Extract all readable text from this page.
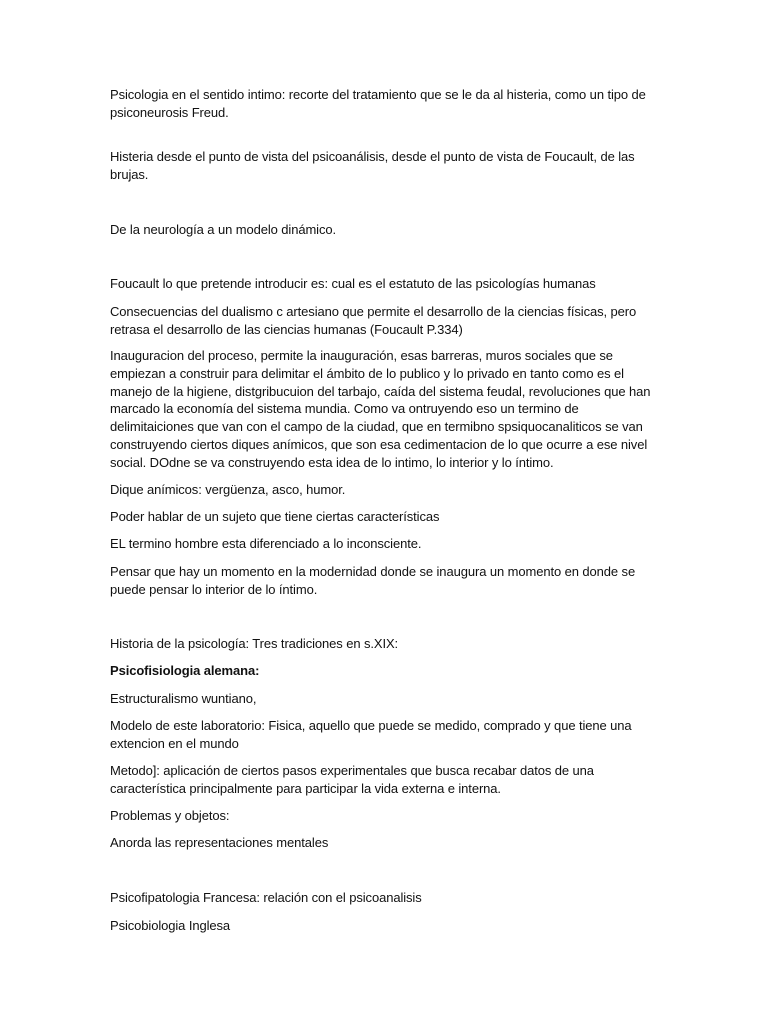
Psicologia en el sentido intimo: recorte del tratamiento que se le da al histeria, como un tipo de psiconeurosis Freud.

Histeria desde el punto de vista del psicoanálisis, desde el punto de vista de Foucault, de las brujas.

De la neurología a un modelo dinámico.

Foucault lo que pretende introducir es: cual es el estatuto de las psicologías humanas

Consecuencias del dualismo c artesiano que permite el desarrollo de la ciencias físicas, pero retrasa el desarrollo de las ciencias humanas (Foucault P.334)

Inauguracion del proceso, permite la inauguración, esas barreras, muros sociales que se empiezan a construir para delimitar el ámbito de lo publico y lo privado en tanto como es el manejo de la higiene, distgribucuion del tarbajo, caída del sistema feudal, revoluciones que han marcado la economía del sistema mundia. Como va ontruyendo eso un termino de delimitaiciones que van con el campo de la ciudad, que en termibno spsiquocanaliticos se van construyendo ciertos diques anímicos, que son esa cedimentacion de lo que ocurre a ese nivel social. DOdne se va construyendo esta idea de lo intimo, lo interior y lo íntimo.

Dique anímicos: vergüenza, asco, humor.

Poder hablar de un sujeto que tiene ciertas características

EL termino hombre esta diferenciado a lo inconsciente.

Pensar que hay un momento en la modernidad donde se inaugura un momento en donde se puede pensar lo interior de lo íntimo.

Historia de la psicología: Tres tradiciones en s.XIX:

Psicofisiologia alemana:

Estructuralismo wuntiano,

Modelo de este laboratorio: Fisica, aquello que puede se medido, comprado y que tiene una extencion en el mundo

Metodo]: aplicación de ciertos pasos experimentales que busca recabar datos de una característica principalmente para participar la vida externa e interna.

Problemas y objetos:

Anorda las representaciones mentales

Psicofipatologia Francesa: relación con el psicoanalisis

Psicobiologia Inglesa
